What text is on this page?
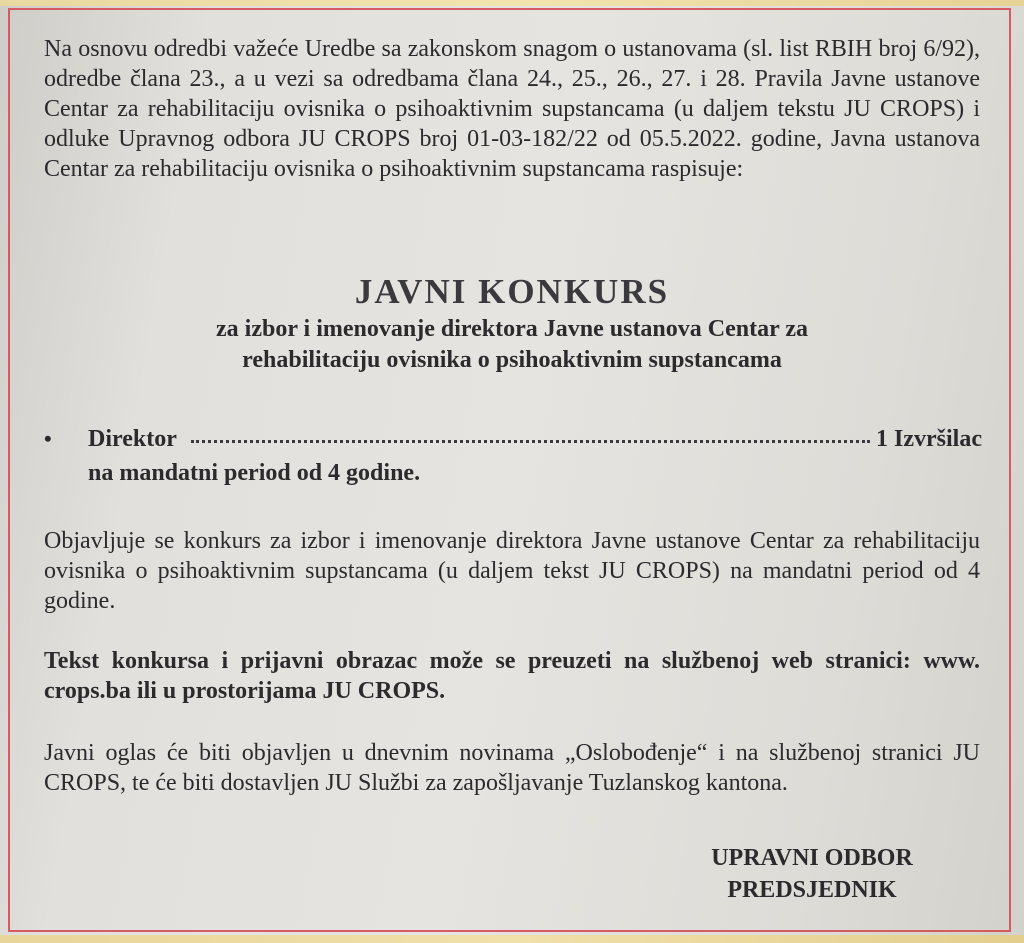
Na osnovu odredbi važeće Uredbe sa zakonskom snagom o ustanovama (sl. list RBIH broj 6/92), odredbe člana 23., a u vezi sa odredbama člana 24., 25., 26., 27. i 28. Pravila Javne ustanove Centar za rehabilitaciju ovisnika o psihoaktivnim supstancama (u daljem tekstu JU CROPS) i odluke Upravnog odbora JU CROPS broj 01-03-182/22 od 05.5.2022. godine, Javna ustanova Centar za rehabilitaciju ovisnika o psihoaktivnim supstancama raspisuje:

JAVNI KONKURS

za izbor i imenovanje direktora Javne ustanova Centar za rehabilitaciju ovisnika o psihoaktivnim supstancama

•	Direktor	1 Izvršilac

na mandatni period od 4 godine.

Objavljuje se konkurs za izbor i imenovanje direktora Javne ustanove Centar za rehabilitaciju ovisnika o psihoaktivnim supstancama (u daljem tekst JU CROPS) na mandatni period od 4 godine.

Tekst konkursa i prijavni obrazac može se preuzeti na službenoj web stranici: www. crops.ba ili u prostorijama JU CROPS.

Javni oglas će biti objavljen u dnevnim novinama „Oslobođenje“ i na službenoj stranici JU CROPS, te će biti dostavljen JU Službi za zapošljavanje Tuzlanskog kantona.

UPRAVNI ODBOR
PREDSJEDNIK
